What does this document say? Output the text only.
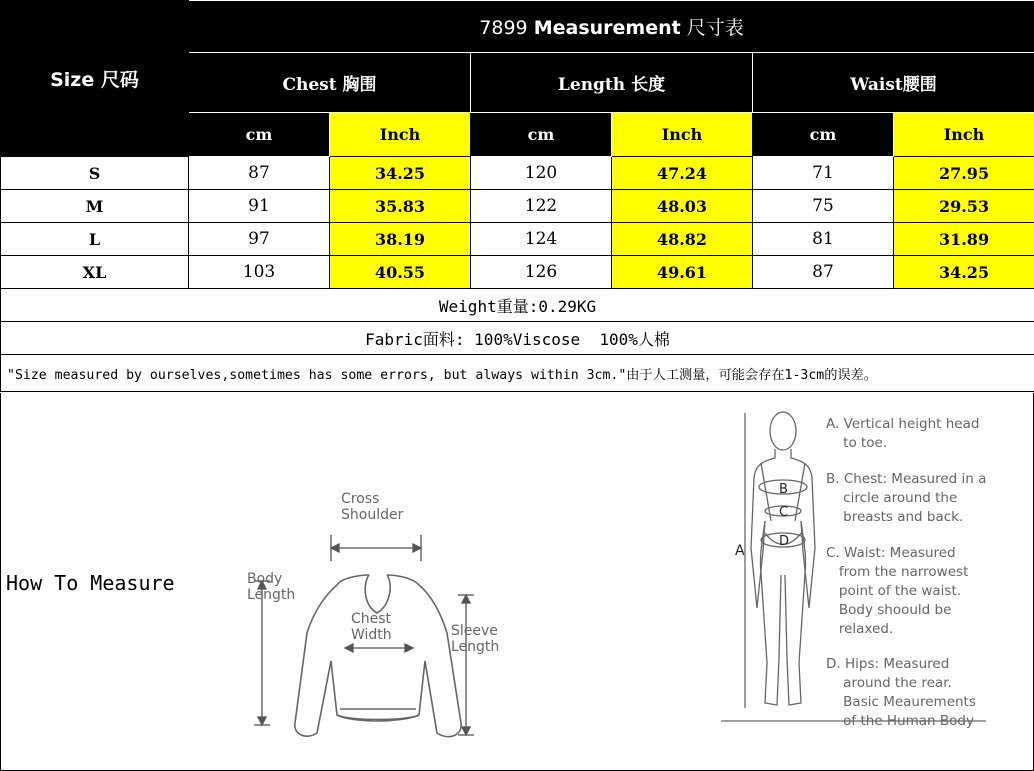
Size 尺码	7899 Measurement 尺寸表					
	Chest 胸围		Length 长度		Waist腰围	
	cm	Inch	cm	Inch	cm	Inch
S	87	34.25	120	47.24	71	27.95
M	91	35.83	122	48.03	75	29.53
L	97	38.19	124	48.82	81	31.89
XL	103	40.55	126	49.61	87	34.25
Weight重量:0.29KG						
Fabric面料: 100%Viscose  100%人棉						
"Size measured by ourselves,sometimes has some errors, but always within 3cm."由于人工测量，可能会存在1-3cm的误差。						
How To Measure
Cross
Shoulder
Body
Length
Chest
Width	Sleeve
Length
A
B
C
D
A. Vertical height head
to toe.
B. Chest: Measured in a
circle around the
breasts and back.
C. Waist: Measured
from the narrowest
point of the waist.
Body shoould be
relaxed.
D. Hips: Measured
around the rear.
Basic Meaurements
of the Human Body
